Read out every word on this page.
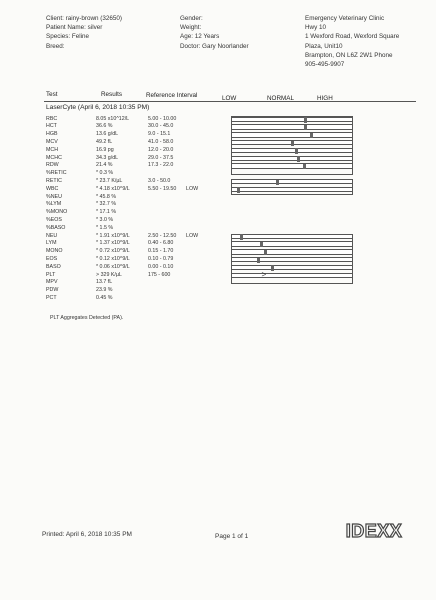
Client: rainy-brown (32650)
Patient Name: silver
Species: Feline
Breed:
Gender:
Weight:
Age: 12 Years
Doctor: Gary Noorlander
Emergency Veterinary Clinic
Hwy 10
1 Wexford Road, Wexford Square
Plaza, Unit10
Brampton, ON L6Z 2W1 Phone
905-495-9907
Test	Results	Reference Interval	LOW	NORMAL	HIGH
LaserCyte (April 6, 2018 10:35 PM)
RBC	8.05 x10^12/L	5.00 - 10.00
HCT	36.6 %	30.0 - 45.0
HGB	13.6 g/dL	9.0 - 15.1
MCV	49.2 fL	41.0 - 58.0
MCH	16.9 pg	12.0 - 20.0
MCHC	34.3 g/dL	29.0 - 37.5
RDW	21.4 %	17.3 - 22.0
%RETIC	* 0.3 %
RETIC	* 23.7 K/µL	3.0 - 50.0
WBC	* 4.18 x10^9/L	5.50 - 19.50 LOW
%NEU	* 45.8 %
%LYM	* 32.7 %
%MONO	* 17.1 %
%EOS	* 3.0 %
%BASO	* 1.5 %
NEU	* 1.91 x10^9/L	2.50 - 12.50 LOW
LYM	* 1.37 x10^9/L	0.40 - 6.80
MONO	* 0.72 x10^9/L	0.15 - 1.70
EOS	* 0.12 x10^9/L	0.10 - 0.79
BASO	* 0.06 x10^9/L	0.00 - 0.10
PLT	> 329 K/µL	175 - 600	>
MPV	13.7 fL
PDW	23.9 %
PCT	0.45 %
PLT Aggregates Detected (PA).
Printed: April 6, 2018 10:35 PM	Page 1 of 1	IDEXX
